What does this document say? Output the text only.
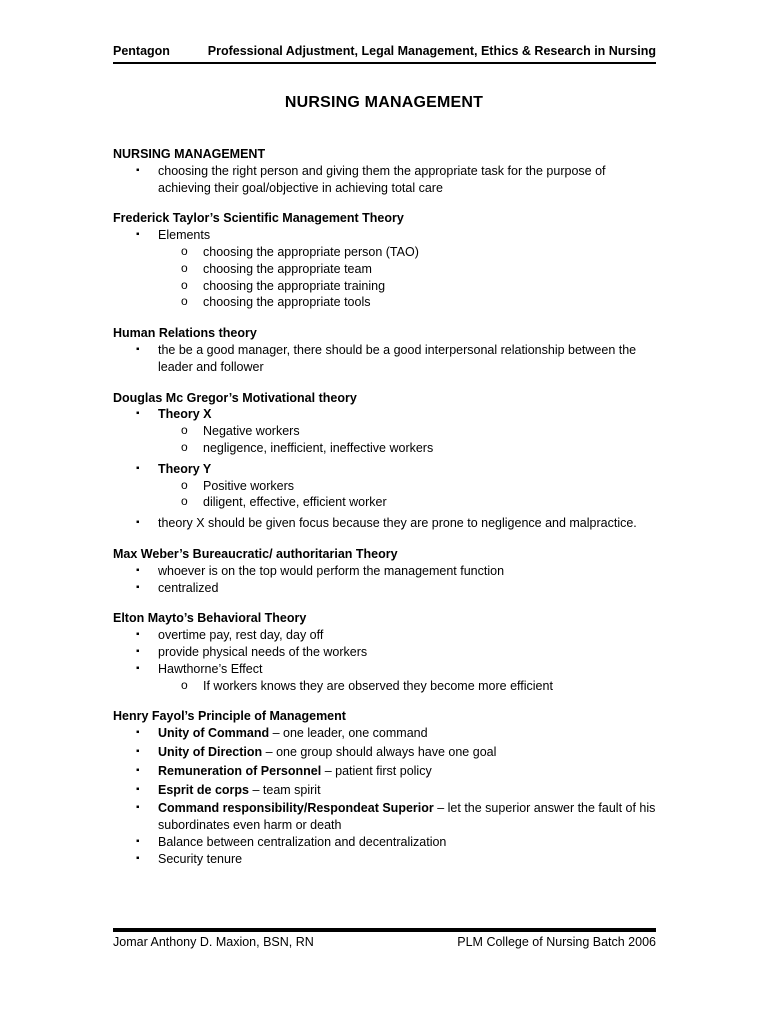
Pentagon	Professional Adjustment, Legal Management, Ethics & Research in Nursing
NURSING MANAGEMENT
NURSING MANAGEMENT
▪ choosing the right person and giving them the appropriate task for the purpose of achieving their goal/objective in achieving total care
Frederick Taylor’s Scientific Management Theory
▪ Elements
o choosing the appropriate person (TAO)
o choosing the appropriate team
o choosing the appropriate training
o choosing the appropriate tools
Human Relations theory
▪ the be a good manager, there should be a good interpersonal relationship between the leader and follower
Douglas Mc Gregor’s Motivational theory
▪ Theory X
o Negative workers
o negligence, inefficient, ineffective workers
▪ Theory Y
o Positive workers
o diligent, effective, efficient worker
▪ theory X should be given focus because they are prone to negligence and malpractice.
Max Weber’s Bureaucratic/ authoritarian Theory
▪ whoever is on the top would perform the management function
▪ centralized
Elton Mayto’s Behavioral Theory
▪ overtime pay, rest day, day off
▪ provide physical needs of the workers
▪ Hawthorne’s Effect
o If workers knows they are observed they become more efficient
Henry Fayol’s Principle of Management
▪ Unity of Command – one leader, one command
▪ Unity of Direction – one group should always have one goal
▪ Remuneration of Personnel – patient first policy
▪ Esprit de corps – team spirit
▪ Command responsibility/Respondeat Superior – let the superior answer the fault of his subordinates even harm or death
▪ Balance between centralization and decentralization
▪ Security tenure
Jomar Anthony D. Maxion, BSN, RN	PLM College of Nursing Batch 2006
